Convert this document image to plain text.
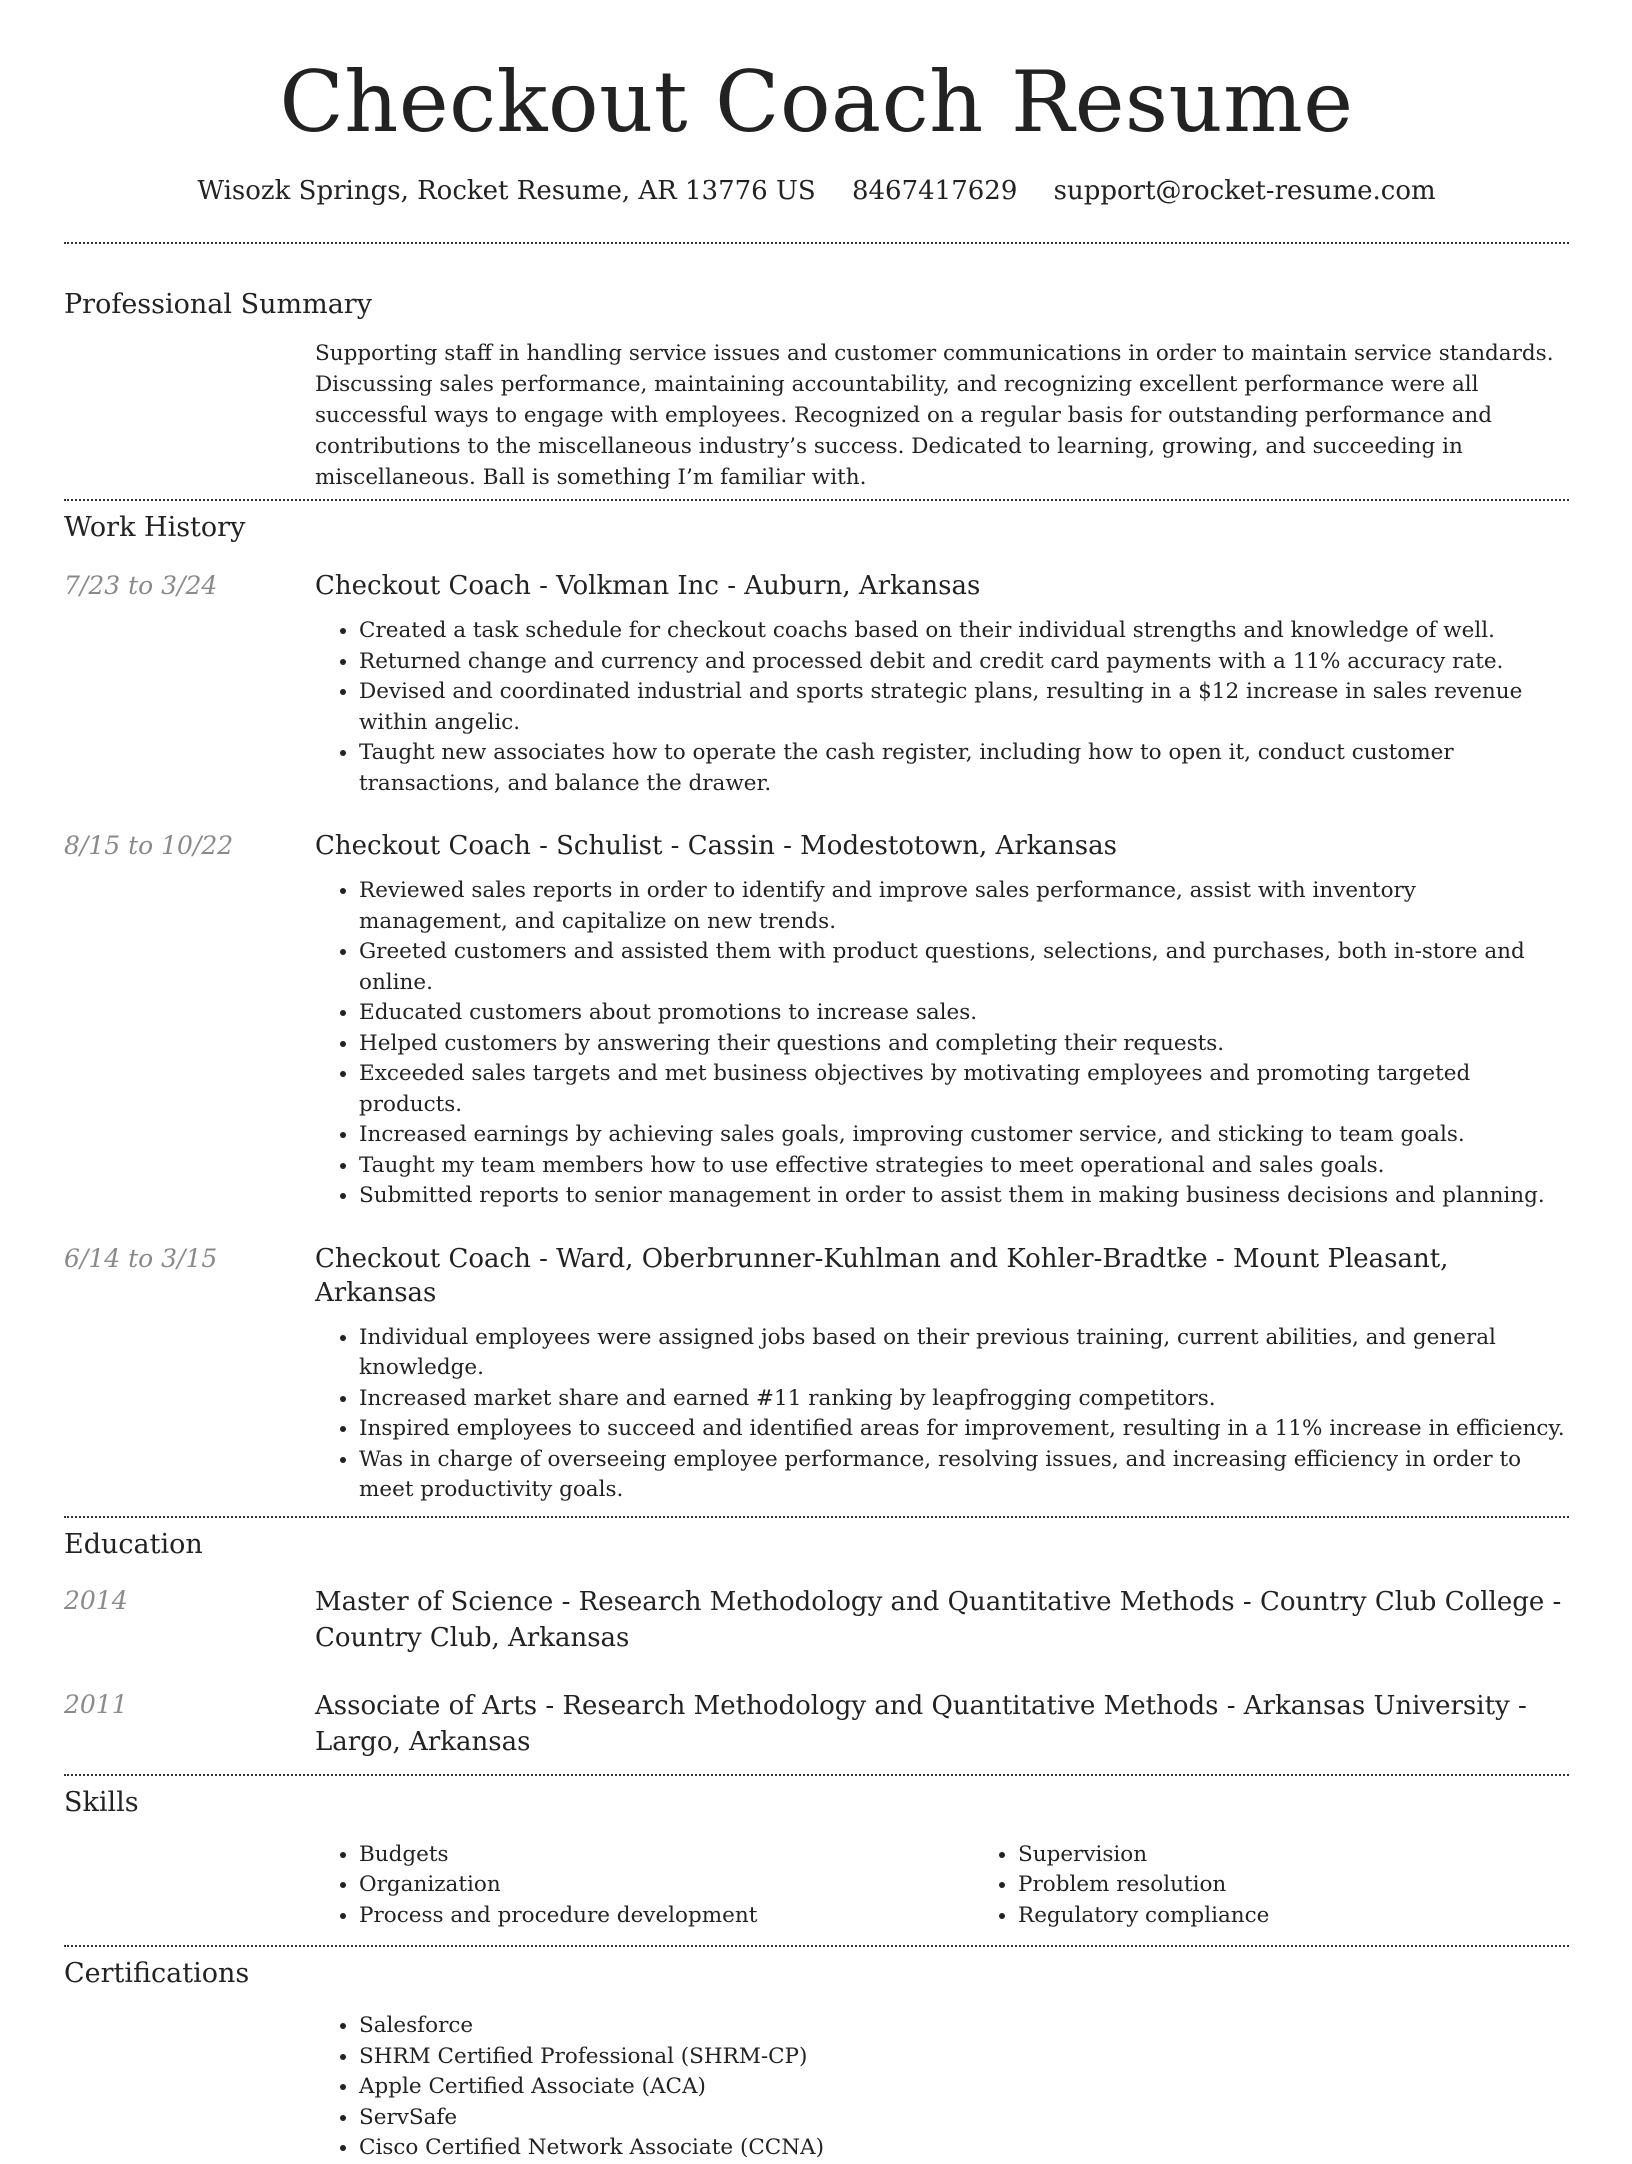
Checkout Coach Resume
Wisozk Springs, Rocket Resume, AR 13776 US 8467417629 support@rocket-resume.com
Professional Summary
Supporting staff in handling service issues and customer communications in order to maintain service standards. Discussing sales performance, maintaining accountability, and recognizing excellent performance were all successful ways to engage with employees. Recognized on a regular basis for outstanding performance and contributions to the miscellaneous industry’s success. Dedicated to learning, growing, and succeeding in miscellaneous. Ball is something I’m familiar with.
Work History
7/23 to 3/24	Checkout Coach - Volkman Inc - Auburn, Arkansas
• Created a task schedule for checkout coachs based on their individual strengths and knowledge of well.
• Returned change and currency and processed debit and credit card payments with a 11% accuracy rate.
• Devised and coordinated industrial and sports strategic plans, resulting in a $12 increase in sales revenue within angelic.
• Taught new associates how to operate the cash register, including how to open it, conduct customer transactions, and balance the drawer.
8/15 to 10/22	Checkout Coach - Schulist - Cassin - Modestotown, Arkansas
• Reviewed sales reports in order to identify and improve sales performance, assist with inventory management, and capitalize on new trends.
• Greeted customers and assisted them with product questions, selections, and purchases, both in-store and online.
• Educated customers about promotions to increase sales.
• Helped customers by answering their questions and completing their requests.
• Exceeded sales targets and met business objectives by motivating employees and promoting targeted products.
• Increased earnings by achieving sales goals, improving customer service, and sticking to team goals.
• Taught my team members how to use effective strategies to meet operational and sales goals.
• Submitted reports to senior management in order to assist them in making business decisions and planning.
6/14 to 3/15	Checkout Coach - Ward, Oberbrunner-Kuhlman and Kohler-Bradtke - Mount Pleasant, Arkansas
• Individual employees were assigned jobs based on their previous training, current abilities, and general knowledge.
• Increased market share and earned #11 ranking by leapfrogging competitors.
• Inspired employees to succeed and identified areas for improvement, resulting in a 11% increase in efficiency.
• Was in charge of overseeing employee performance, resolving issues, and increasing efficiency in order to meet productivity goals.
Education
2014	Master of Science - Research Methodology and Quantitative Methods - Country Club College - Country Club, Arkansas
2011	Associate of Arts - Research Methodology and Quantitative Methods - Arkansas University - Largo, Arkansas
Skills
• Budgets
• Organization
• Process and procedure development
• Supervision
• Problem resolution
• Regulatory compliance
Certifications
• Salesforce
• SHRM Certified Professional (SHRM-CP)
• Apple Certified Associate (ACA)
• ServSafe
• Cisco Certified Network Associate (CCNA)
